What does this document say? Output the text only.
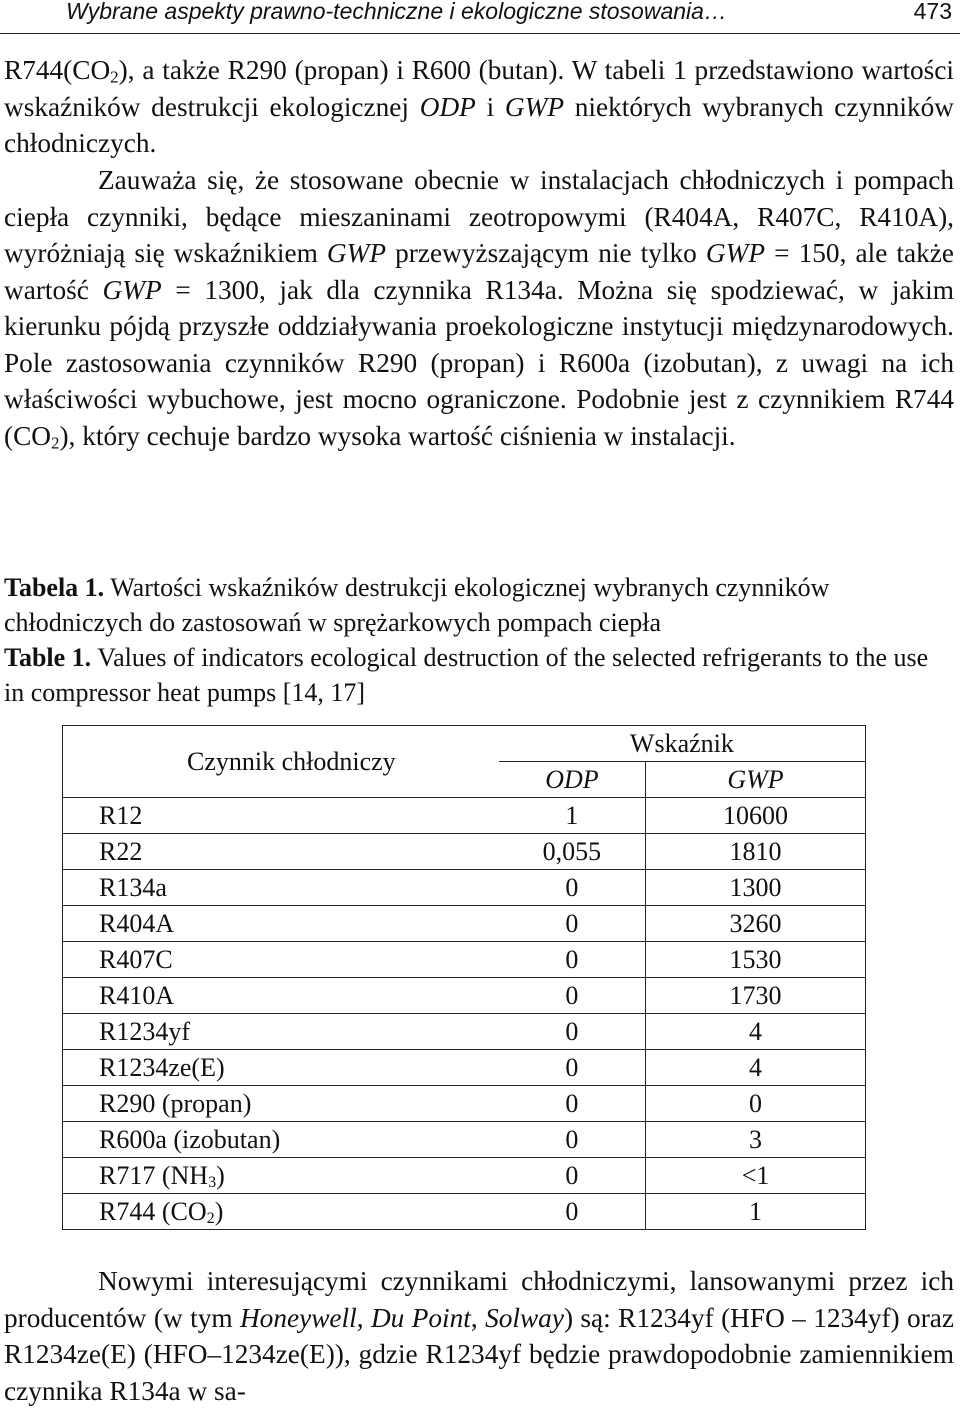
Wybrane aspekty prawno-techniczne i ekologiczne stosowania…	473

$R744(CO_2)$, a także R290 (propan) i R600 (butan). W tabeli 1 przedstawiono wartości wskaźników destrukcji ekologicznej ODP i GWP niektórych wybranych czynników chłodniczych.

Zauważa się, że stosowane obecnie w instalacjach chłodniczych i pompach ciepła czynniki, będące mieszaninami zeotropowymi (R404A, R407C, R410A), wyróżniają się wskaźnikiem GWP przewyższającym nie tylko GWP = 150, ale także wartość GWP = 1300, jak dla czynnika R134a. Można się spodziewać, w jakim kierunku pójdą przyszłe oddziaływania proekologiczne instytucji międzynarodowych. Pole zastosowania czynników R290 (propan) i R600a (izobutan), z uwagi na ich właściwości wybuchowe, jest mocno ograniczone. Podobnie jest z czynnikiem R744 $(CO_2)$, który cechuje bardzo wysoka wartość ciśnienia w instalacji.

Tabela 1. Wartości wskaźników destrukcji ekologicznej wybranych czynników chłodniczych do zastosowań w sprężarkowych pompach ciepła

Table 1. Values of indicators ecological destruction of the selected refrigerants to the use in compressor heat pumps [14, 17]

Czynnik chłodniczy	Wskaźnik	
	ODP	GWP
R12	1	10600
R22	0,055	1810
R134a	0	1300
R404A	0	3260
R407C	0	1530
R410A	0	1730
R1234yf	0	4
R1234ze(E)	0	4
R290 (propan)	0	0
R600a (izobutan)	0	3
R717 $(NH_3)$	0	<1
R744 $(CO_2)$	0	1

Nowymi interesującymi czynnikami chłodniczymi, lansowanymi przez ich producentów (w tym Honeywell, Du Point, Solway) są: R1234yf (HFO – 1234yf) oraz R1234ze(E) (HFO–1234ze(E)), gdzie R1234yf będzie prawdopodobnie zamiennikiem czynnika R134a w sa-
